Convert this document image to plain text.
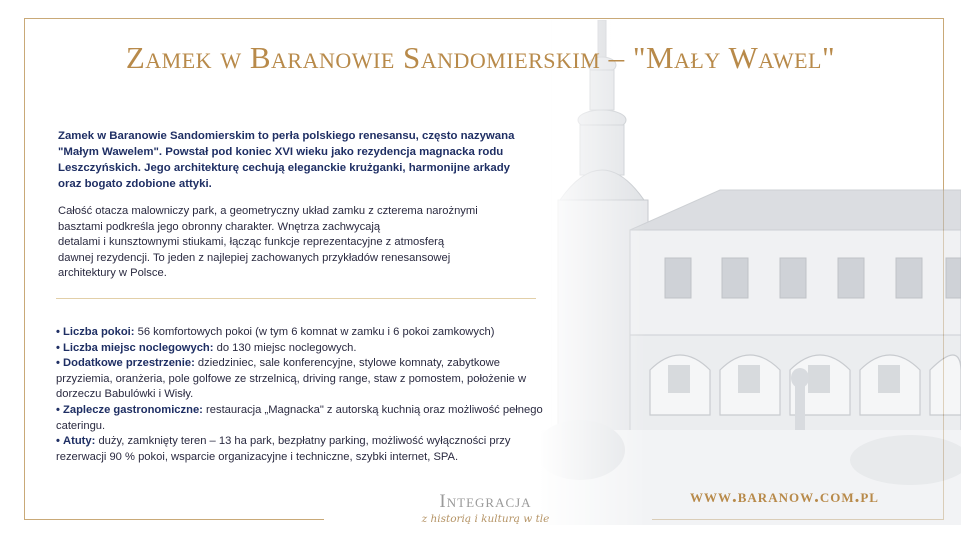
Zamek w Baranowie Sandomierskim – "Mały Wawel"

Zamek w Baranowie Sandomierskim to perła polskiego renesansu, często nazywana "Małym Wawelem". Powstał pod koniec XVI wieku jako rezydencja magnacka rodu Leszczyńskich. Jego architekturę cechują eleganckie krużganki, harmonijne arkady oraz bogato zdobione attyki.

Całość otacza malowniczy park, a geometryczny układ zamku z czterema narożnymi
basztami podkreśla jego obronny charakter. Wnętrza zachwycają
detalami i kunsztownymi stiukami, łącząc funkcje reprezentacyjne z atmosferą
dawnej rezydencji. To jeden z najlepiej zachowanych przykładów renesansowej
architektury w Polsce.

• Liczba pokoi: 56 komfortowych pokoi (w tym 6 komnat w zamku i 6 pokoi zamkowych)
• Liczba miejsc noclegowych: do 130 miejsc noclegowych.
• Dodatkowe przestrzenie: dziedziniec, sale konferencyjne, stylowe komnaty, zabytkowe przyziemia, oranżeria, pole golfowe ze strzelnicą, driving range, staw z pomostem, położenie w dorzeczu Babulówki i Wisły.
• Zaplecze gastronomiczne: restauracja „Magnacka" z autorską kuchnią oraz możliwość pełnego cateringu.
• Atuty: duży, zamknięty teren – 13 ha park, bezpłatny parking, możliwość wyłączności przy rezerwacji 90 % pokoi, wsparcie organizacyjne i techniczne, szybki internet, SPA.
Integracja
z historią i kulturą w tle
www.baranow.com.pl
